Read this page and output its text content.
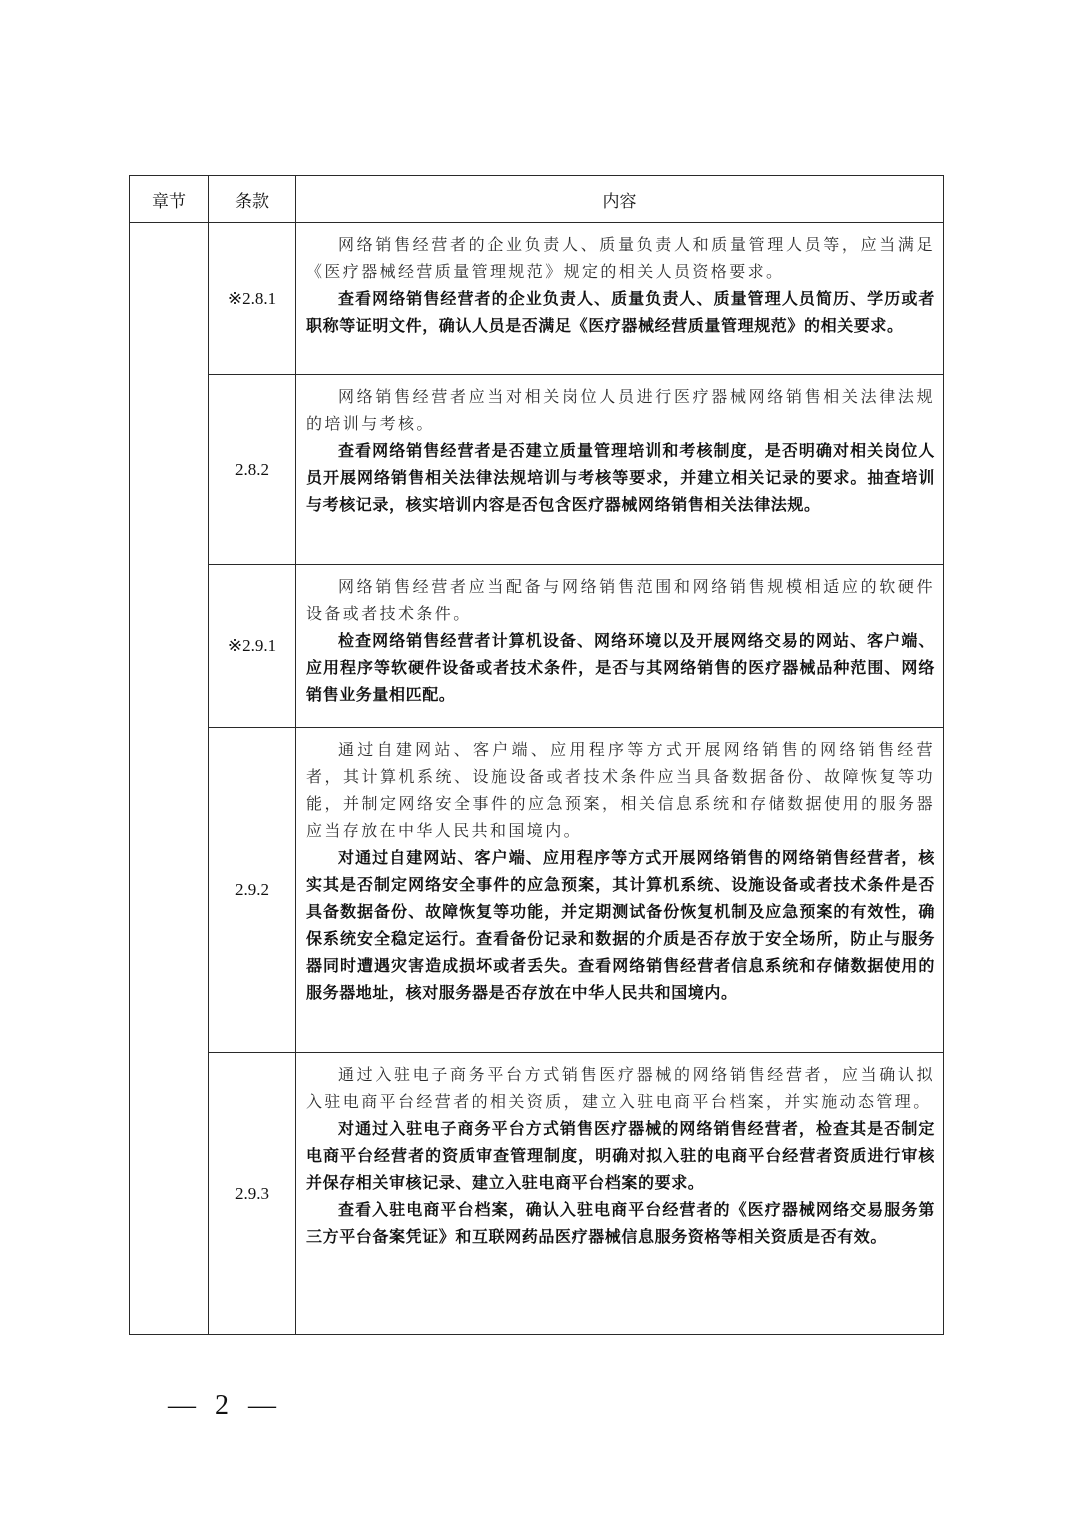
章节	条款	内容
	※2.8.1	网络销售经营者的企业负责人、质量负责人和质量管理人员等，应当满足《医疗器械经营质量管理规范》规定的相关人员资格要求。

查看网络销售经营者的企业负责人、质量负责人、质量管理人员简历、学历或者职称等证明文件，确认人员是否满足《医疗器械经营质量管理规范》的相关要求。

	2.8.2	网络销售经营者应当对相关岗位人员进行医疗器械网络销售相关法律法规的培训与考核。

查看网络销售经营者是否建立质量管理培训和考核制度，是否明确对相关岗位人员开展网络销售相关法律法规培训与考核等要求，并建立相关记录的要求。抽查培训与考核记录，核实培训内容是否包含医疗器械网络销售相关法律法规。

	※2.9.1	网络销售经营者应当配备与网络销售范围和网络销售规模相适应的软硬件设备或者技术条件。

检查网络销售经营者计算机设备、网络环境以及开展网络交易的网站、客户端、应用程序等软硬件设备或者技术条件，是否与其网络销售的医疗器械品种范围、网络销售业务量相匹配。

	2.9.2	通过自建网站、客户端、应用程序等方式开展网络销售的网络销售经营者，其计算机系统、设施设备或者技术条件应当具备数据备份、故障恢复等功能，并制定网络安全事件的应急预案，相关信息系统和存储数据使用的服务器应当存放在中华人民共和国境内。

对通过自建网站、客户端、应用程序等方式开展网络销售的网络销售经营者，核实其是否制定网络安全事件的应急预案，其计算机系统、设施设备或者技术条件是否具备数据备份、故障恢复等功能，并定期测试备份恢复机制及应急预案的有效性，确保系统安全稳定运行。查看备份记录和数据的介质是否存放于安全场所，防止与服务器同时遭遇灾害造成损坏或者丢失。查看网络销售经营者信息系统和存储数据使用的服务器地址，核对服务器是否存放在中华人民共和国境内。

	2.9.3	通过入驻电子商务平台方式销售医疗器械的网络销售经营者，应当确认拟入驻电商平台经营者的相关资质，建立入驻电商平台档案，并实施动态管理。

对通过入驻电子商务平台方式销售医疗器械的网络销售经营者，检查其是否制定电商平台经营者的资质审查管理制度，明确对拟入驻的电商平台经营者资质进行审核并保存相关审核记录、建立入驻电商平台档案的要求。

查看入驻电商平台档案，确认入驻电商平台经营者的《医疗器械网络交易服务第三方平台备案凭证》和互联网药品医疗器械信息服务资格等相关资质是否有效。

— 2 —
